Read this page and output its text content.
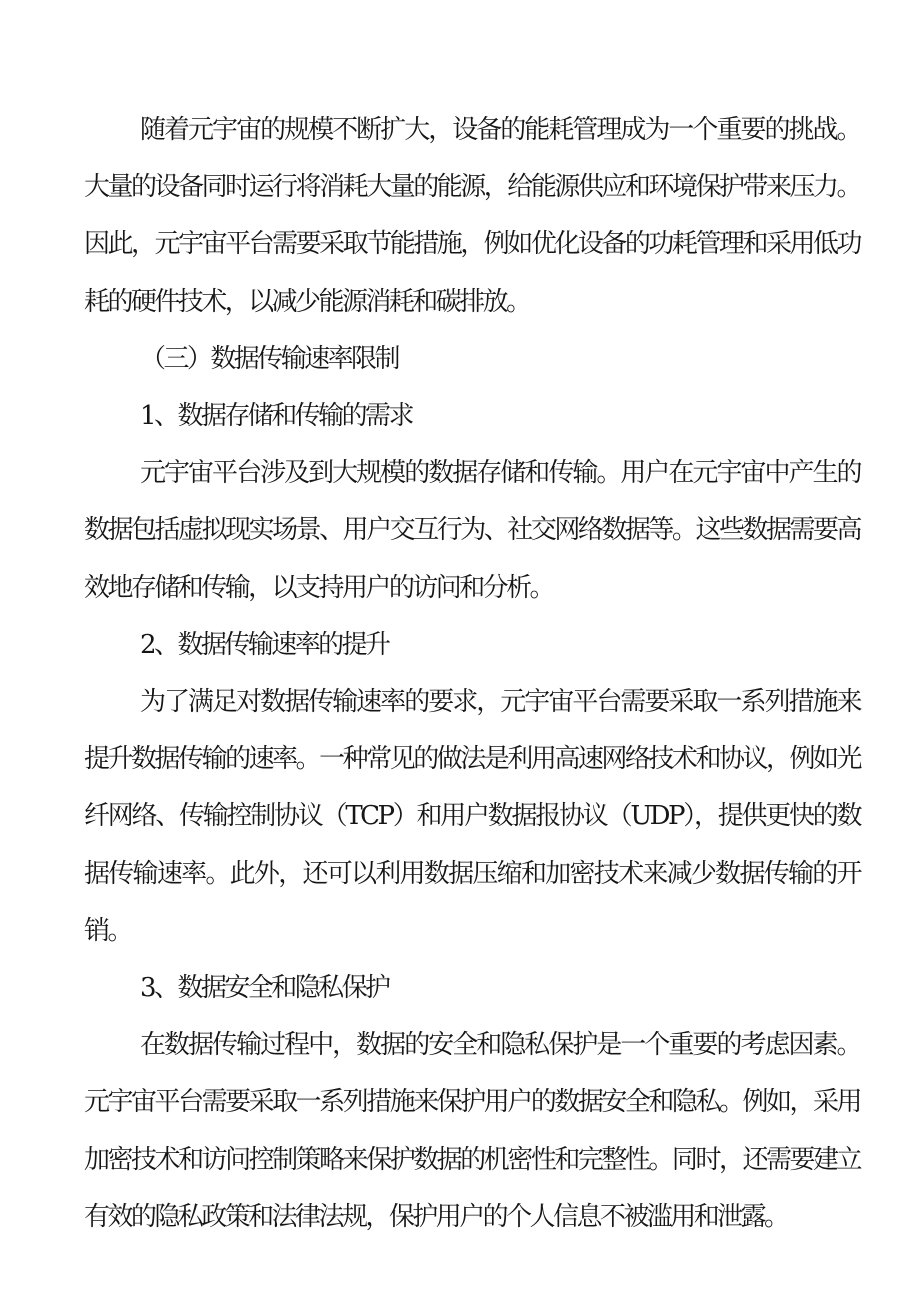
随着元宇宙的规模不断扩大，设备的能耗管理成为一个重要的挑战。大量的设备同时运行将消耗大量的能源，给能源供应和环境保护带来压力。因此，元宇宙平台需要采取节能措施，例如优化设备的功耗管理和采用低功耗的硬件技术，以减少能源消耗和碳排放。

（三）数据传输速率限制

1、数据存储和传输的需求

元宇宙平台涉及到大规模的数据存储和传输。用户在元宇宙中产生的数据包括虚拟现实场景、用户交互行为、社交网络数据等。这些数据需要高效地存储和传输，以支持用户的访问和分析。

2、数据传输速率的提升

为了满足对数据传输速率的要求，元宇宙平台需要采取一系列措施来提升数据传输的速率。一种常见的做法是利用高速网络技术和协议，例如光纤网络、传输控制协议（TCP）和用户数据报协议（UDP），提供更快的数据传输速率。此外，还可以利用数据压缩和加密技术来减少数据传输的开销。

3、数据安全和隐私保护

在数据传输过程中，数据的安全和隐私保护是一个重要的考虑因素。元宇宙平台需要采取一系列措施来保护用户的数据安全和隐私。例如，采用加密技术和访问控制策略来保护数据的机密性和完整性。同时，还需要建立有效的隐私政策和法律法规，保护用户的个人信息不被滥用和泄露。
